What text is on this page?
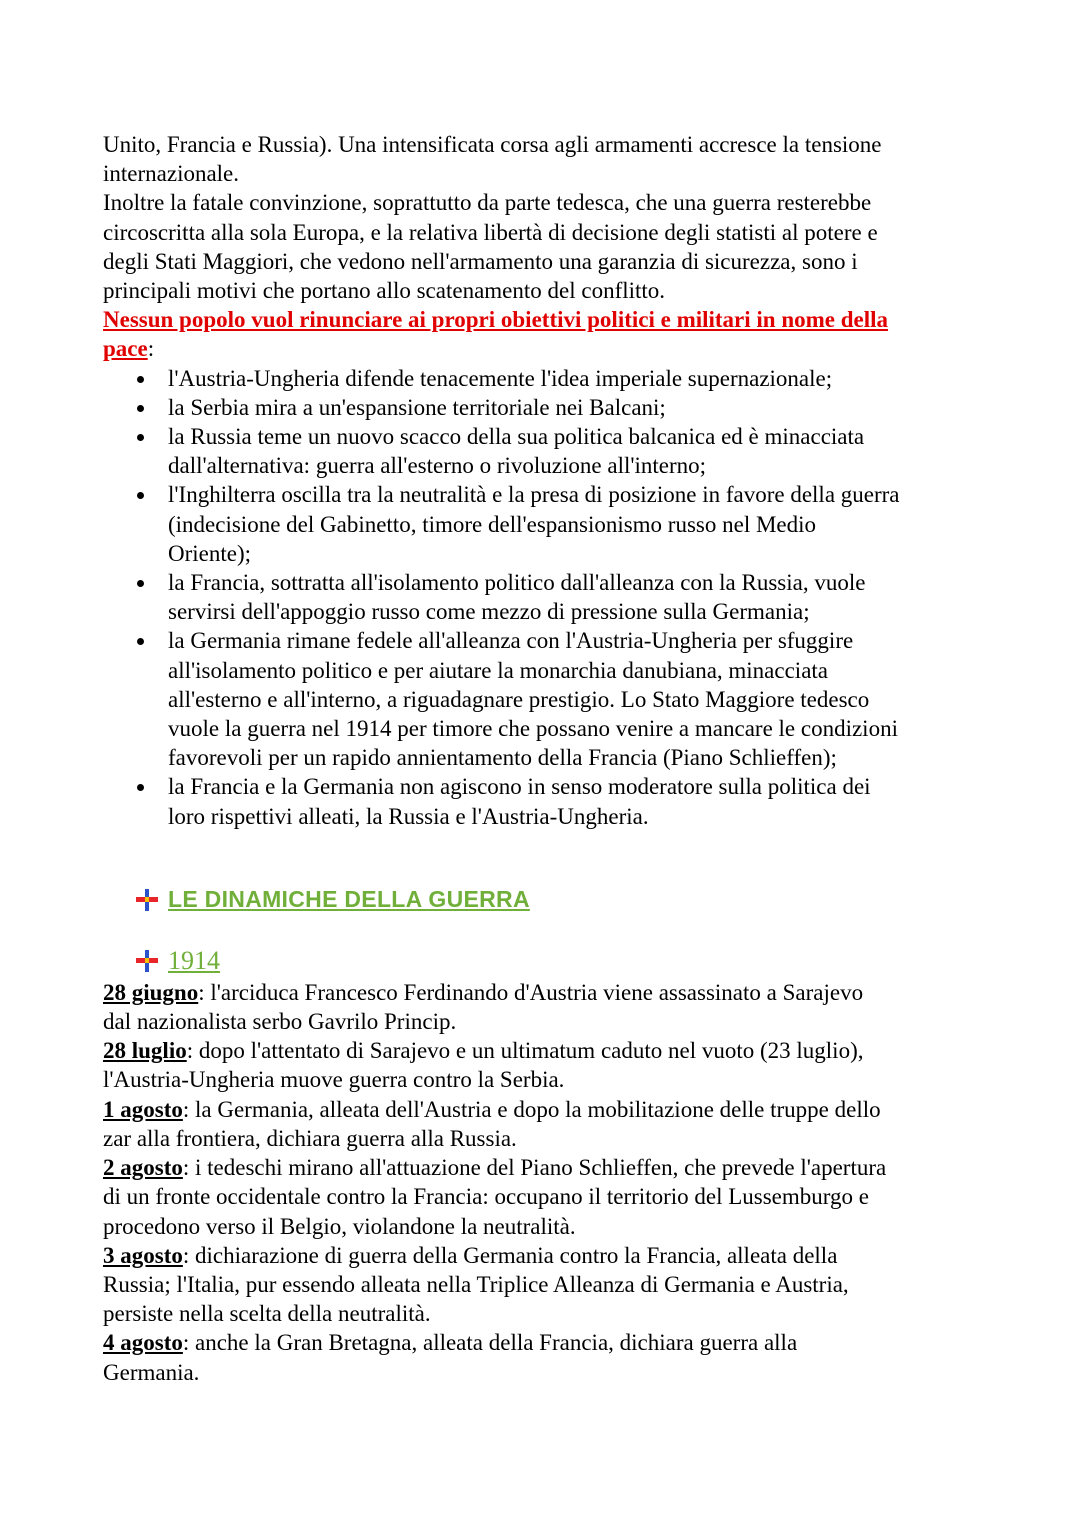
Unito, Francia e Russia). Una intensificata corsa agli armamenti accresce la tensione
internazionale.
Inoltre la fatale convinzione, soprattutto da parte tedesca, che una guerra resterebbe
circoscritta alla sola Europa, e la relativa libertà di decisione degli statisti al potere e
degli Stati Maggiori, che vedono nell'armamento una garanzia di sicurezza, sono i
principali motivi che portano allo scatenamento del conflitto.

Nessun popolo vuol rinunciare ai propri obiettivi politici e militari in nome della
pace:

l'Austria-Ungheria difende tenacemente l'idea imperiale supernazionale;
la Serbia mira a un'espansione territoriale nei Balcani;
la Russia teme un nuovo scacco della sua politica balcanica ed è minacciata
dall'alternativa: guerra all'esterno o rivoluzione all'interno;
l'Inghilterra oscilla tra la neutralità e la presa di posizione in favore della guerra
(indecisione del Gabinetto, timore dell'espansionismo russo nel Medio
Oriente);
la Francia, sottratta all'isolamento politico dall'alleanza con la Russia, vuole
servirsi dell'appoggio russo come mezzo di pressione sulla Germania;
la Germania rimane fedele all'alleanza con l'Austria-Ungheria per sfuggire
all'isolamento politico e per aiutare la monarchia danubiana, minacciata
all'esterno e all'interno, a riguadagnare prestigio. Lo Stato Maggiore tedesco
vuole la guerra nel 1914 per timore che possano venire a mancare le condizioni
favorevoli per un rapido annientamento della Francia (Piano Schlieffen);
la Francia e la Germania non agiscono in senso moderatore sulla politica dei
loro rispettivi alleati, la Russia e l'Austria-Ungheria.
LE DINAMICHE DELLA GUERRA
1914

28 giugno: l'arciduca Francesco Ferdinando d'Austria viene assassinato a Sarajevo
dal nazionalista serbo Gavrilo Princip.

28 luglio: dopo l'attentato di Sarajevo e un ultimatum caduto nel vuoto (23 luglio),
l'Austria-Ungheria muove guerra contro la Serbia.

1 agosto: la Germania, alleata dell'Austria e dopo la mobilitazione delle truppe dello
zar alla frontiera, dichiara guerra alla Russia.

2 agosto: i tedeschi mirano all'attuazione del Piano Schlieffen, che prevede l'apertura
di un fronte occidentale contro la Francia: occupano il territorio del Lussemburgo e
procedono verso il Belgio, violandone la neutralità.

3 agosto: dichiarazione di guerra della Germania contro la Francia, alleata della
Russia; l'Italia, pur essendo alleata nella Triplice Alleanza di Germania e Austria,
persiste nella scelta della neutralità.

4 agosto: anche la Gran Bretagna, alleata della Francia, dichiara guerra alla
Germania.
